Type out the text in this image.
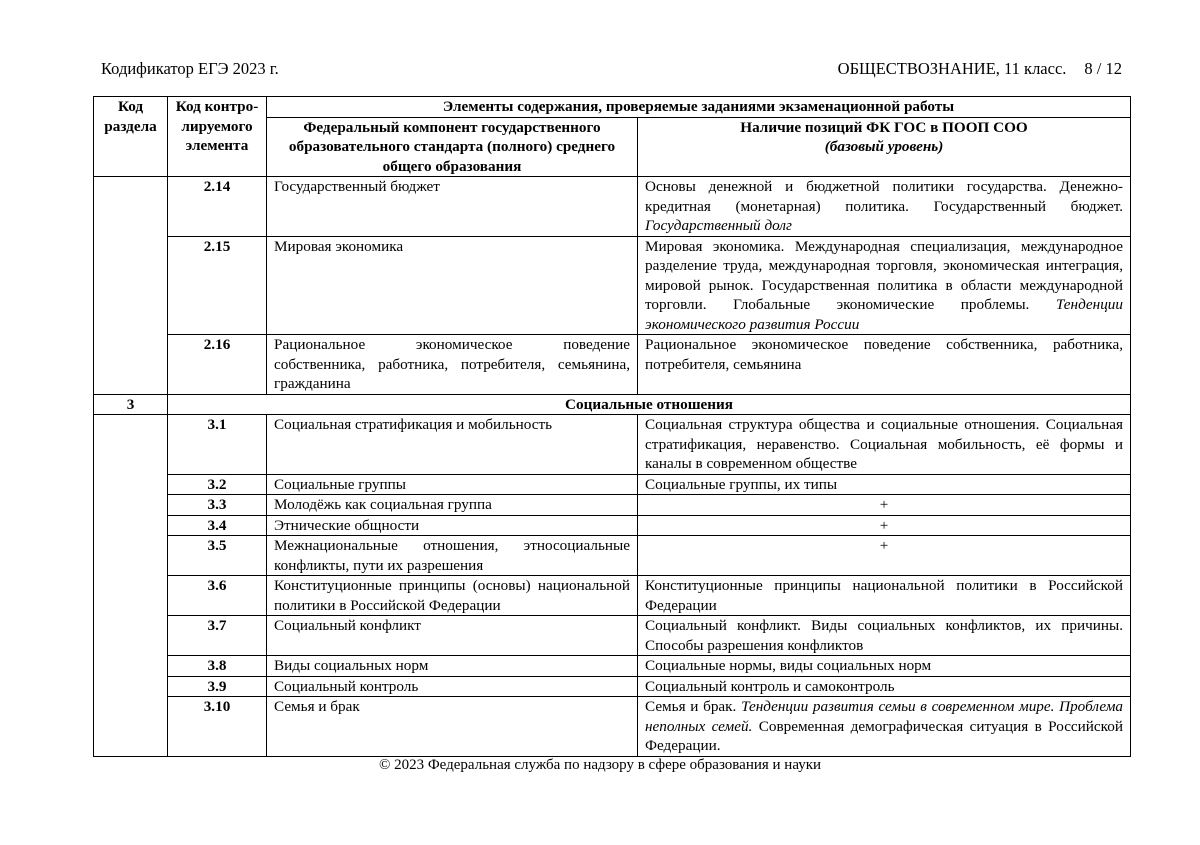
Кодификатор ЕГЭ 2023 г.	ОБЩЕСТВОЗНАНИЕ, 11 класс. 8 / 12
Код раздела	Код контро-лируемого элемента	Элементы содержания, проверяемые заданиями экзаменационной работы	
		Федеральный компонент государственного образовательного стандарта (полного) среднего общего образования	Наличие позиций ФК ГОС в ПООП СОО
(базовый уровень)
	2.14	Государственный бюджет	Основы денежной и бюджетной политики государства. Денежно-кредитная (монетарная) политика. Государственный бюджет. Государственный долг
	2.15	Мировая экономика	Мировая экономика. Международная специализация, международное разделение труда, международная торговля, экономическая интеграция, мировой рынок. Государственная политика в области международной торговли. Глобальные экономические проблемы. Тенденции экономического развития России
	2.16	Рациональное экономическое поведение собственника, работника, потребителя, семьянина, гражданина	Рациональное экономическое поведение собственника, работника, потребителя, семьянина
3	Социальные отношения		
	3.1	Социальная стратификация и мобильность	Социальная структура общества и социальные отношения. Социальная стратификация, неравенство. Социальная мобильность, её формы и каналы в современном обществе
	3.2	Социальные группы	Социальные группы, их типы
	3.3	Молодёжь как социальная группа	+
	3.4	Этнические общности	+
	3.5	Межнациональные отношения, этносоциальные конфликты, пути их разрешения	+
	3.6	Конституционные принципы (основы) национальной политики в Российской Федерации	Конституционные принципы национальной политики в Российской Федерации
	3.7	Социальный конфликт	Социальный конфликт. Виды социальных конфликтов, их причины. Способы разрешения конфликтов
	3.8	Виды социальных норм	Социальные нормы, виды социальных норм
	3.9	Социальный контроль	Социальный контроль и самоконтроль
	3.10	Семья и брак	Семья и брак. Тенденции развития семьи в современном мире. Проблема неполных семей. Современная демографическая ситуация в Российской Федерации.
© 2023 Федеральная служба по надзору в сфере образования и науки
